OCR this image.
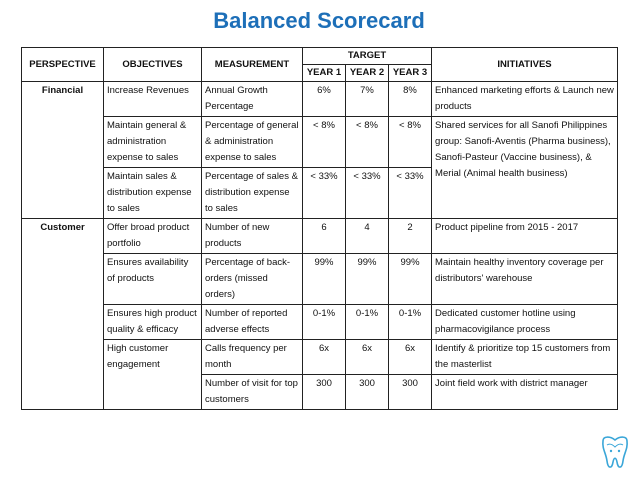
Balanced Scorecard
PERSPECTIVE	OBJECTIVES	MEASUREMENT	TARGET			INITIATIVES
			YEAR 1	YEAR 2	YEAR 3	
Financial	Increase Revenues	Annual Growth Percentage	6%	7%	8%	Enhanced marketing efforts & Launch new products
	Maintain general & administration expense to sales	Percentage of general & administration expense to sales	< 8%	< 8%	< 8%	Shared services for all Sanofi Philippines group: Sanofi-Aventis (Pharma business), Sanofi-Pasteur (Vaccine business), & Merial (Animal health business)
	Maintain sales & distribution expense to sales	Percentage of sales & distribution expense to sales	< 33%	< 33%	< 33%	
Customer	Offer broad product portfolio	Number of new products	6	4	2	Product pipeline from 2015 - 2017
	Ensures availability of products	Percentage of back-orders (missed orders)	99%	99%	99%	Maintain healthy inventory coverage per distributors' warehouse
	Ensures high product quality & efficacy	Number of reported adverse effects	0-1%	0-1%	0-1%	Dedicated customer hotline using pharmacovigilance process
	High customer engagement	Calls frequency per month	6x	6x	6x	Identify & prioritize top 15 customers from the masterlist
		Number of visit for top customers	300	300	300	Joint field work with district manager
